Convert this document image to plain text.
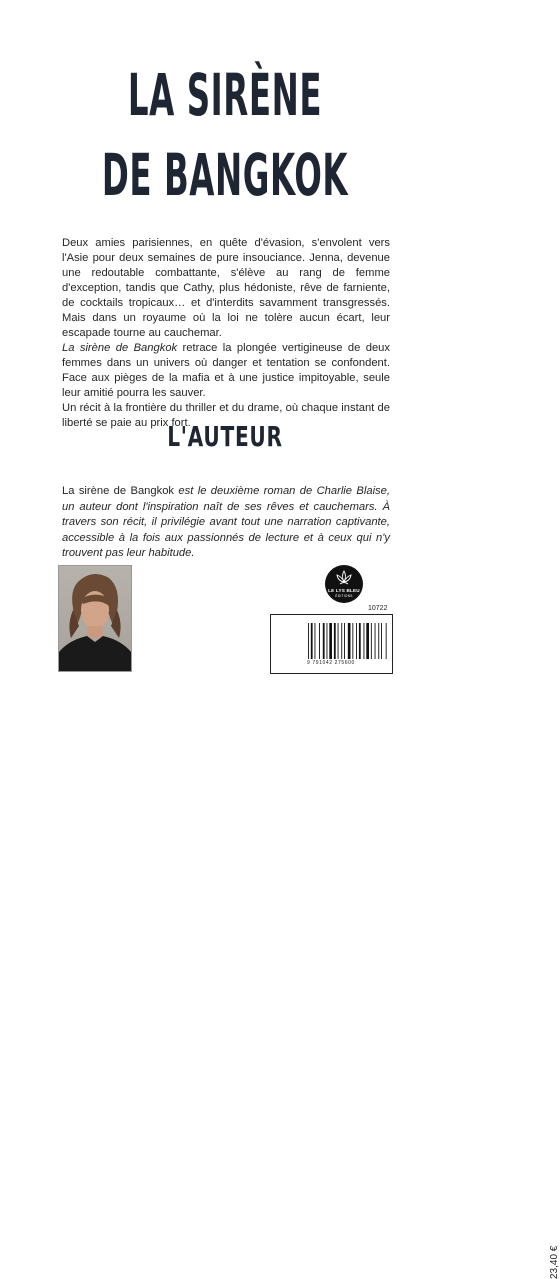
LA SIRÈNE
DE BANGKOK

Deux amies parisiennes, en quête d'évasion, s'envolent vers l'Asie pour deux semaines de pure insouciance. Jenna, devenue une redoutable combattante, s'élève au rang de femme d'exception, tandis que Cathy, plus hédoniste, rêve de farniente, de cocktails tropicaux… et d'interdits savamment transgressés. Mais dans un royaume où la loi ne tolère aucun écart, leur escapade tourne au cauchemar.

La sirène de Bangkok retrace la plongée vertigineuse de deux femmes dans un univers où danger et tentation se confondent. Face aux pièges de la mafia et à une justice impitoyable, seule leur amitié pourra les sauver.

Un récit à la frontière du thriller et du drame, où chaque instant de liberté se paie au prix fort.

L'AUTEUR
La sirène de Bangkok est le deuxième roman de Charlie Blaise, un auteur dont l'inspiration naît de ses rêves et cauchemars. À travers son récit, il privilégie avant tout une narration captivante, accessible à la fois aux passionnés de lecture et à ceux qui n'y trouvent pas leur habitude.
LE LYS BLEU
ÉDITIONS
10722
23,40 €
9 791042 275600
